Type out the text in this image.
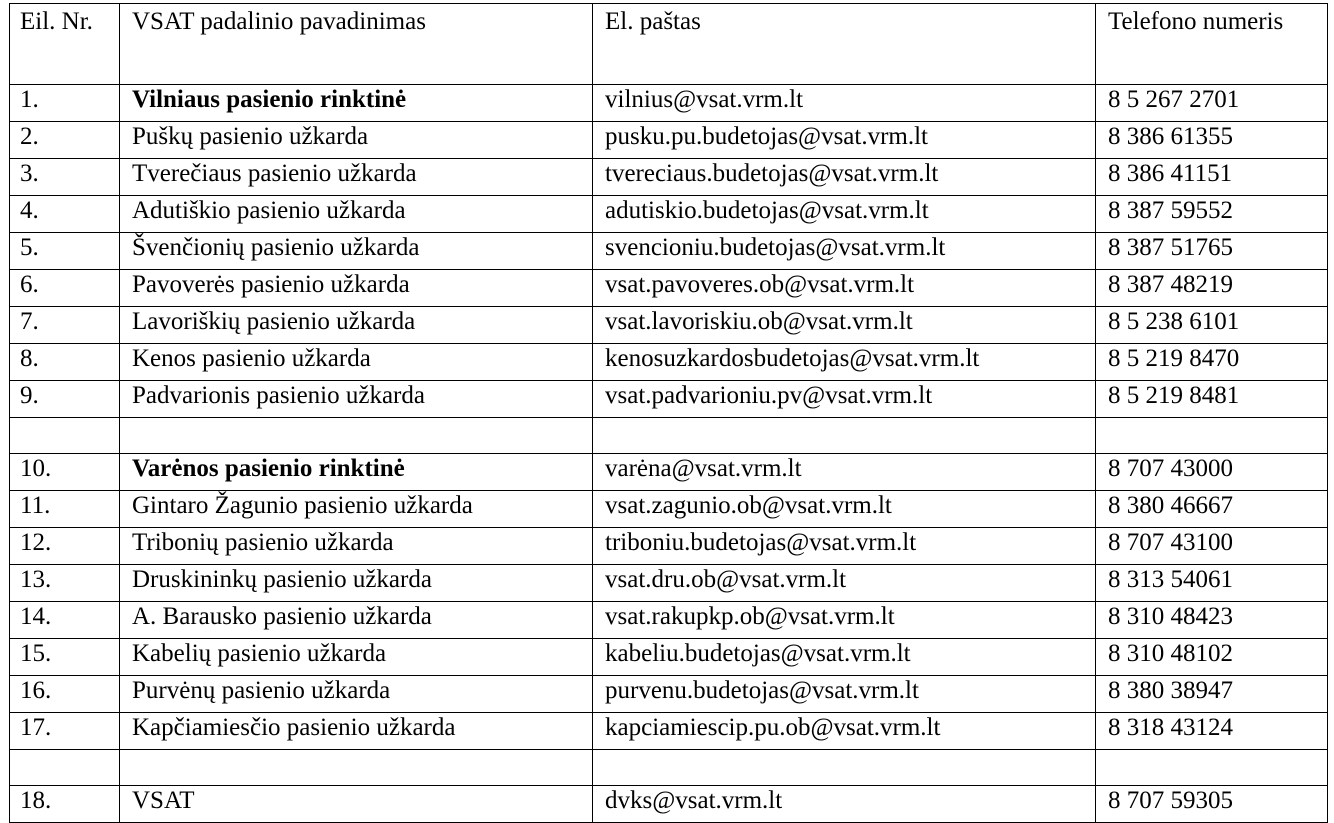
Eil. Nr.	VSAT padalinio pavadinimas	El. paštas	Telefono numeris

1.	Vilniaus pasienio rinktinė	vilnius@vsat.vrm.lt	8 5 267 2701
2.	Puškų pasienio užkarda	pusku.pu.budetojas@vsat.vrm.lt	8 386 61355
3.	Tverečiaus pasienio užkarda	tvereciaus.budetojas@vsat.vrm.lt	8 386 41151
4.	Adutiškio pasienio užkarda	adutiskio.budetojas@vsat.vrm.lt	8 387 59552
5.	Švenčionių pasienio užkarda	svencioniu.budetojas@vsat.vrm.lt	8 387 51765
6.	Pavoverės pasienio užkarda	vsat.pavoveres.ob@vsat.vrm.lt	8 387 48219
7.	Lavoriškių pasienio užkarda	vsat.lavoriskiu.ob@vsat.vrm.lt	8 5 238 6101
8.	Kenos pasienio užkarda	kenosuzkardosbudetojas@vsat.vrm.lt	8 5 219 8470
9.	Padvarionis pasienio užkarda	vsat.padvarioniu.pv@vsat.vrm.lt	8 5 219 8481

10.	Varėnos pasienio rinktinė	varėna@vsat.vrm.lt	8 707 43000
11.	Gintaro Žagunio pasienio užkarda	vsat.zagunio.ob@vsat.vrm.lt	8 380 46667
12.	Tribonių pasienio užkarda	triboniu.budetojas@vsat.vrm.lt	8 707 43100
13.	Druskininkų pasienio užkarda	vsat.dru.ob@vsat.vrm.lt	8 313 54061
14.	A. Barausko pasienio užkarda	vsat.rakupkp.ob@vsat.vrm.lt	8 310 48423
15.	Kabelių pasienio užkarda	kabeliu.budetojas@vsat.vrm.lt	8 310 48102
16.	Purvėnų pasienio užkarda	purvenu.budetojas@vsat.vrm.lt	8 380 38947
17.	Kapčiamiesčio pasienio užkarda	kapciamiescip.pu.ob@vsat.vrm.lt	8 318 43124

18.	VSAT	dvks@vsat.vrm.lt	8 707 59305
